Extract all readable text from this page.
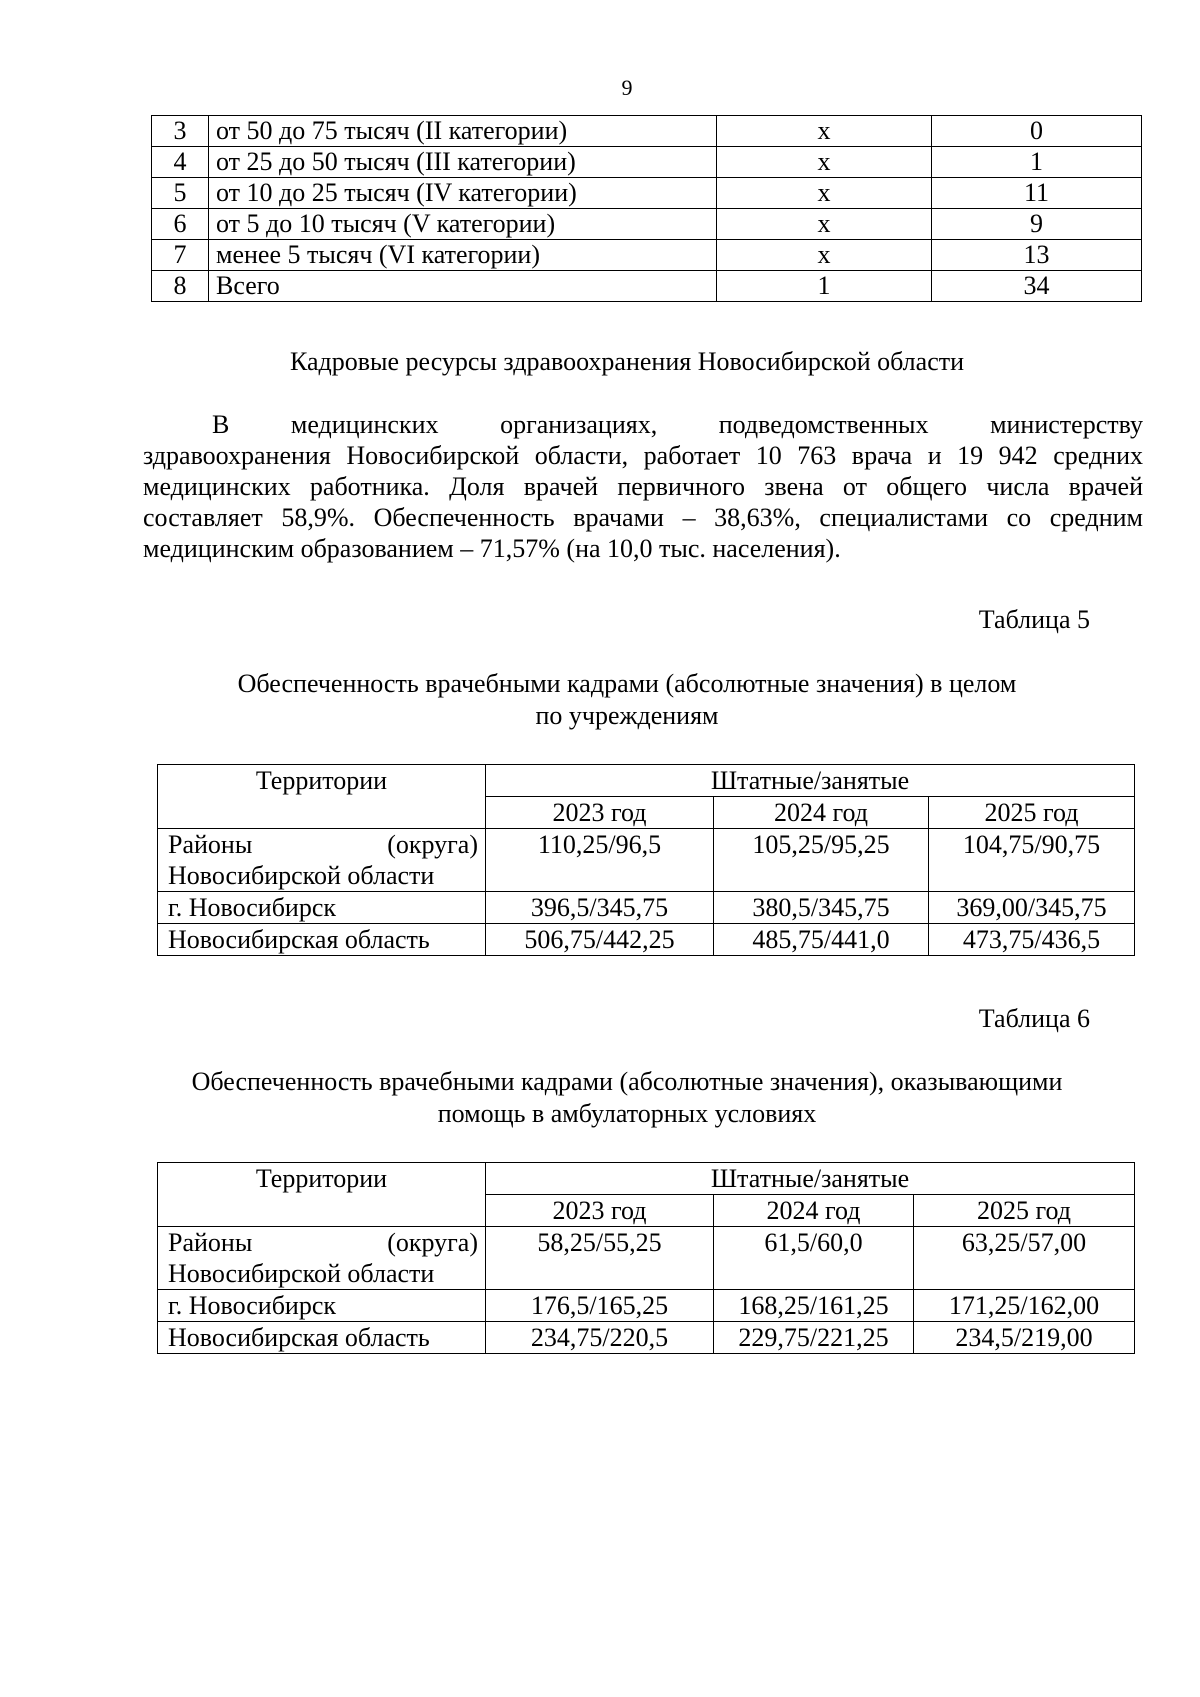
9
3	от 50 до 75 тысяч (II категории)	х	0
4	от 25 до 50 тысяч (III категории)	х	1
5	от 10 до 25 тысяч (IV категории)	х	11
6	от 5 до 10 тысяч (V категории)	х	9
7	менее 5 тысяч (VI категории)	х	13
8	Всего	1	34
Кадровые ресурсы здравоохранения Новосибирской области
В медицинских организациях, подведомственных министерству
здравоохранения Новосибирской области, работает 10 763 врача и 19 942 средних медицинских работника. Доля врачей первичного звена от общего числа врачей составляет 58,9%. Обеспеченность врачами – 38,63%, специалистами со средним медицинским образованием – 71,57% (на 10,0 тыс. населения).
Таблица 5
Обеспеченность врачебными кадрами (абсолютные значения) в целом
по учреждениям
Территории	Штатные/занятые		
	2023 год	2024 год	2025 год

Районы (округа)
Новосибирской области	110,25/96,5	105,25/95,25	104,75/90,75
г. Новосибирск	396,5/345,75	380,5/345,75	369,00/345,75
Новосибирская область	506,75/442,25	485,75/441,0	473,75/436,5
Таблица 6
Обеспеченность врачебными кадрами (абсолютные значения), оказывающими
помощь в амбулаторных условиях
Территории	Штатные/занятые		
	2023 год	2024 год	2025 год

Районы (округа)
Новосибирской области	58,25/55,25	61,5/60,0	63,25/57,00
г. Новосибирск	176,5/165,25	168,25/161,25	171,25/162,00
Новосибирская область	234,75/220,5	229,75/221,25	234,5/219,00
